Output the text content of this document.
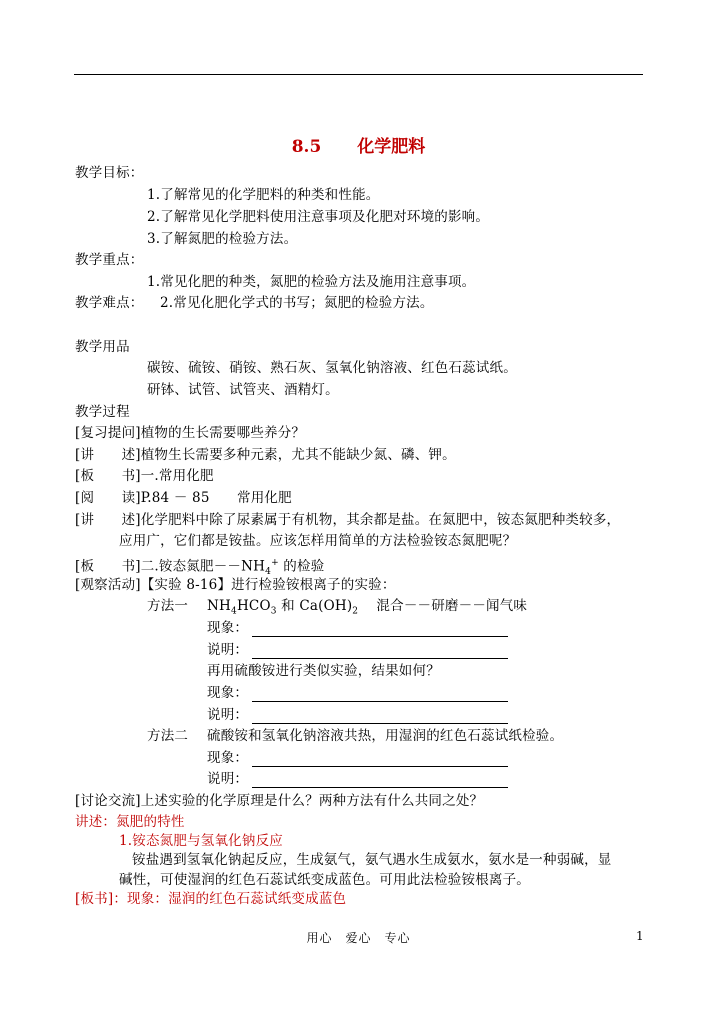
8.5 化学肥料
教学目标：
1.了解常见的化学肥料的种类和性能。
2.了解常见化学肥料使用注意事项及化肥对环境的影响。
3.了解氮肥的检验方法。
教学重点：
1.常见化肥的种类，氮肥的检验方法及施用注意事项。
教学难点： 2.常见化肥化学式的书写；氮肥的检验方法。
教学用品
碳铵、硫铵、硝铵、熟石灰、氢氧化钠溶液、红色石蕊试纸。
研钵、试管、试管夹、酒精灯。
教学过程
[复习提问]植物的生长需要哪些养分？
[讲　　述]植物生长需要多种元素，尤其不能缺少氮、磷、钾。
[板　　书]一.常用化肥
[阅　　读]P.84 － 85　　常用化肥
[讲　　述]化学肥料中除了尿素属于有机物，其余都是盐。在氮肥中，铵态氮肥种类较多，
应用广，它们都是铵盐。应该怎样用简单的方法检验铵态氮肥呢？
[板　　书]二.铵态氮肥$--NH_4^+$ 的检验
[观察活动]【实验 8-16】进行检验铵根离子的实验：
方法一 $NH_4HCO_3$ 和 $Ca(OH)_2$　 混合－－研磨－－闻气味
现象：
说明：
再用硫酸铵进行类似实验，结果如何？
现象：
说明：
方法二 硫酸铵和氢氧化钠溶液共热，用湿润的红色石蕊试纸检验。
现象：
说明：
[讨论交流]上述实验的化学原理是什么？两种方法有什么共同之处？
讲述：氮肥的特性
1.铵态氮肥与氢氧化钠反应
铵盐遇到氢氧化钠起反应，生成氨气，氨气遇水生成氨水，氨水是一种弱碱，显
碱性，可使湿润的红色石蕊试纸变成蓝色。可用此法检验铵根离子。
[板书]：现象：湿润的红色石蕊试纸变成蓝色
用心　爱心　专心	1
